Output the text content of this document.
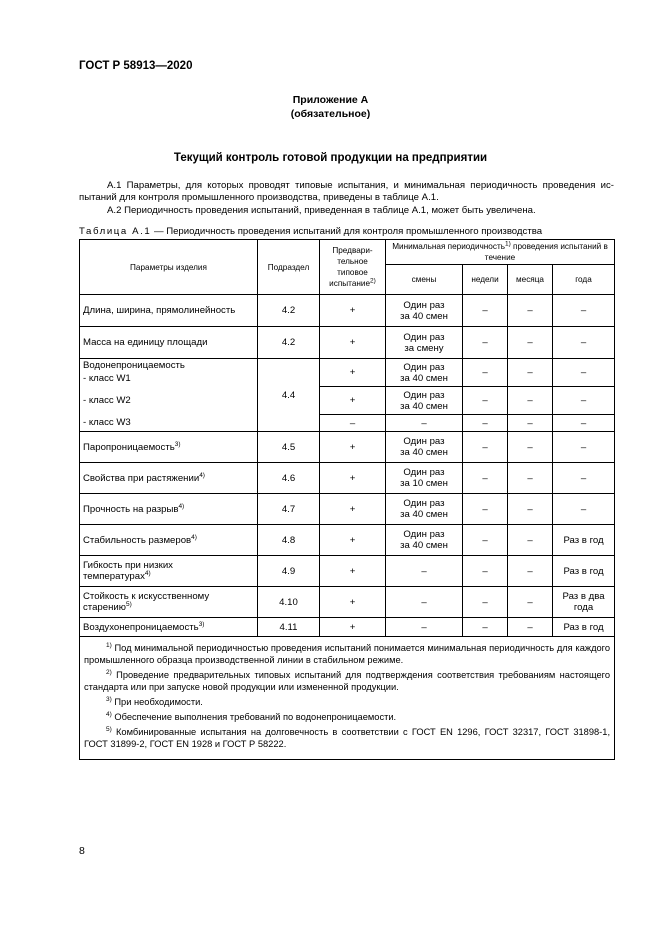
ГОСТ Р 58913—2020
Приложение А
(обязательное)
Текущий контроль готовой продукции на предприятии
А.1 Параметры, для которых проводят типовые испытания, и минимальная периодичность проведения ис-пытаний для контроля промышленного производства, приведены в таблице А.1.
А.2 Периодичность проведения испытаний, приведенная в таблице А.1, может быть увеличена.
Таблица А.1 — Периодичность проведения испытаний для контроля промышленного производства
Параметры изделия	Подраздел	Предвари-
тельное
типовое
испытание$^{2)}$	Минимальная периодичность$^{1)}$ проведения испытаний в течение			
			смены	недели	месяца	года
Длина, ширина, прямолинейность	4.2	+	Один раз
за 40 смен	–	–	–
Масса на единицу площади	4.2	+	Один раз
за смену	–	–	–

Водонепроницаемость
- класс W1	4.4	+	Один раз
за 40 смен	–	–	–
- класс W2		+	Один раз
за 40 смен	–	–	–
- класс W3		–	–	–	–	–
Паропроницаемость$^{3)}$	4.5	+	Один раз
за 40 смен	–	–	–
Свойства при растяжении$^{4)}$	4.6	+	Один раз
за 10 смен	–	–	–
Прочность на разрыв$^{4)}$	4.7	+	Один раз
за 40 смен	–	–	–
Стабильность размеров$^{4)}$	4.8	+	Один раз
за 40 смен	–	–	Раз в год

Гибкость при низких
температурах$^{4)}$	4.9	+	–	–	–	Раз в год

Стойкость к искусственному
старению$^{5)}$	4.10	+	–	–	–	Раз в два
года

Воздухонепроницаемость$^{3)}$	4.11	+	–	–	–	Раз в год

$^{1)}$ Под минимальной периодичностью проведения испытаний понимается минимальная периодичность для каждого промышленного образца производственной линии в стабильном режиме.
$^{2)}$ Проведение предварительных типовых испытаний для подтверждения соответствия требованиям настоящего стандарта или при запуске новой продукции или измененной продукции.
$^{3)}$ При необходимости.
$^{4)}$ Обеспечение выполнения требований по водонепроницаемости.
$^{5)}$ Комбинированные испытания на долговечность в соответствии с ГОСТ EN 1296, ГОСТ 32317, ГОСТ 31898-1, ГОСТ 31899-2, ГОСТ EN 1928 и ГОСТ Р 58222.						
8
